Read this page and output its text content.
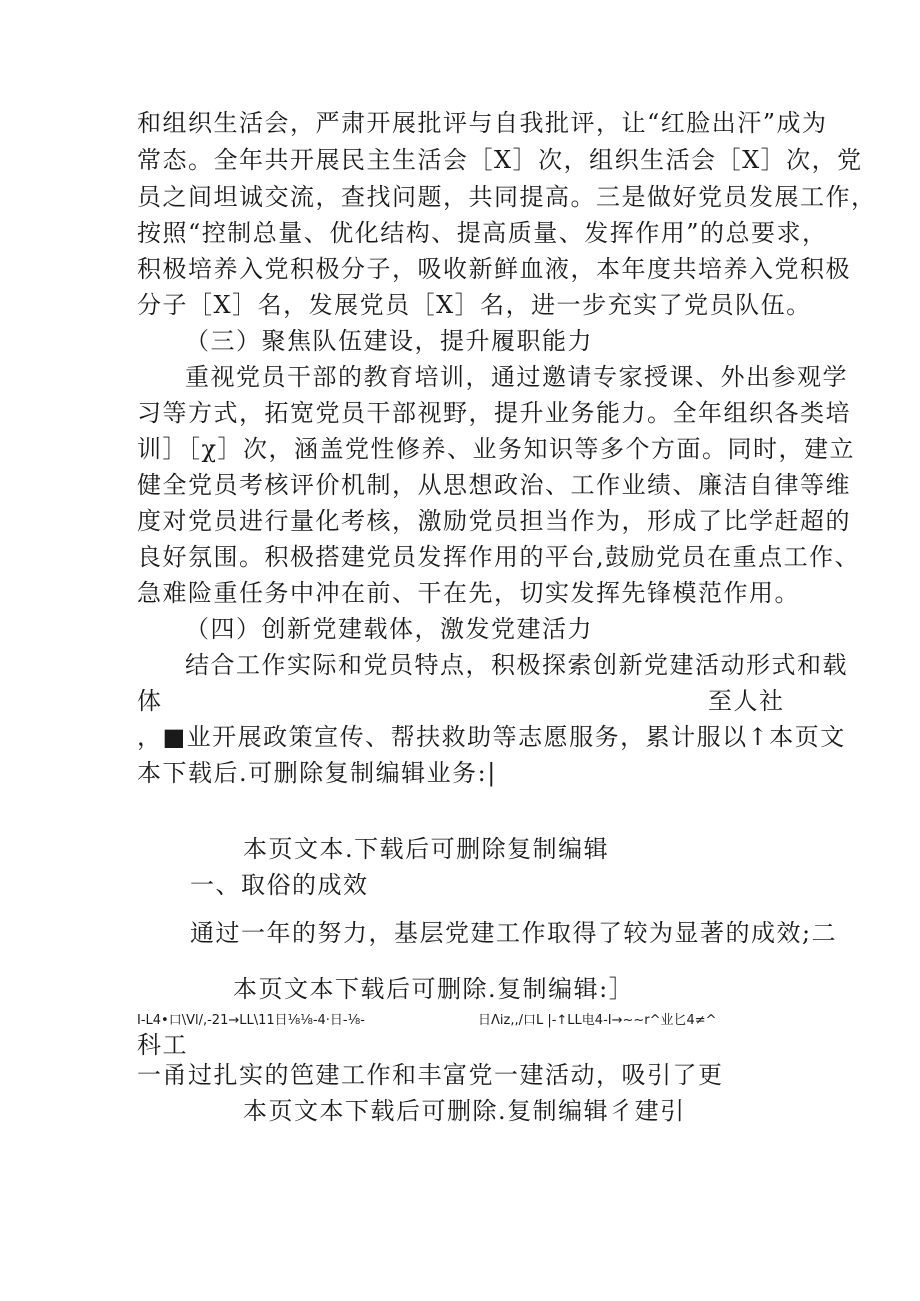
和组织生活会，严肃开展批评与自我批评，让“红脸出汗”成为
常态。全年共开展民主生活会［X］次，组织生活会［X］次，党
员之间坦诚交流，查找问题，共同提高。三是做好党员发展工作，
按照“控制总量、优化结构、提高质量、发挥作用”的总要求，
积极培养入党积极分子，吸收新鲜血液，本年度共培养入党积极
分子［X］名，发展党员［X］名，进一步充实了党员队伍。
（三）聚焦队伍建设，提升履职能力
重视党员干部的教育培训，通过邀请专家授课、外出参观学
习等方式，拓宽党员干部视野，提升业务能力。全年组织各类培
训］［χ］次，涵盖党性修养、业务知识等多个方面。同时，建立
健全党员考核评价机制，从思想政治、工作业绩、廉洁自律等维
度对党员进行量化考核，激励党员担当作为，形成了比学赶超的
良好氛围。积极搭建党员发挥作用的平台,鼓励党员在重点工作、
急难险重任务中冲在前、干在先，切实发挥先锋模范作用。
（四）创新党建载体，激发党建活力
结合工作实际和党员特点，积极探索创新党建活动形式和载
体	至人社
，■业开展政策宣传、帮扶救助等志愿服务，累计服以↑本页文
本下载后.可删除复制编辑业务:|
本页文本.下载后可删除复制编辑
一、取俗的成效
通过一年的努力，基层党建工作取得了较为显著的成效;二
本页文本下载后可删除.复制编辑:］
I-L4•口\Vl/,-21→LL\11日⅛⅛-4·日-⅛-	日Λiz,,/口L |-↑LL电4-I→~~r^业匕4≠^
科工
一甬过扎实的笆建工作和丰富党一建活动，吸引了更
本页文本下载后可删除.复制编辑彳建引
